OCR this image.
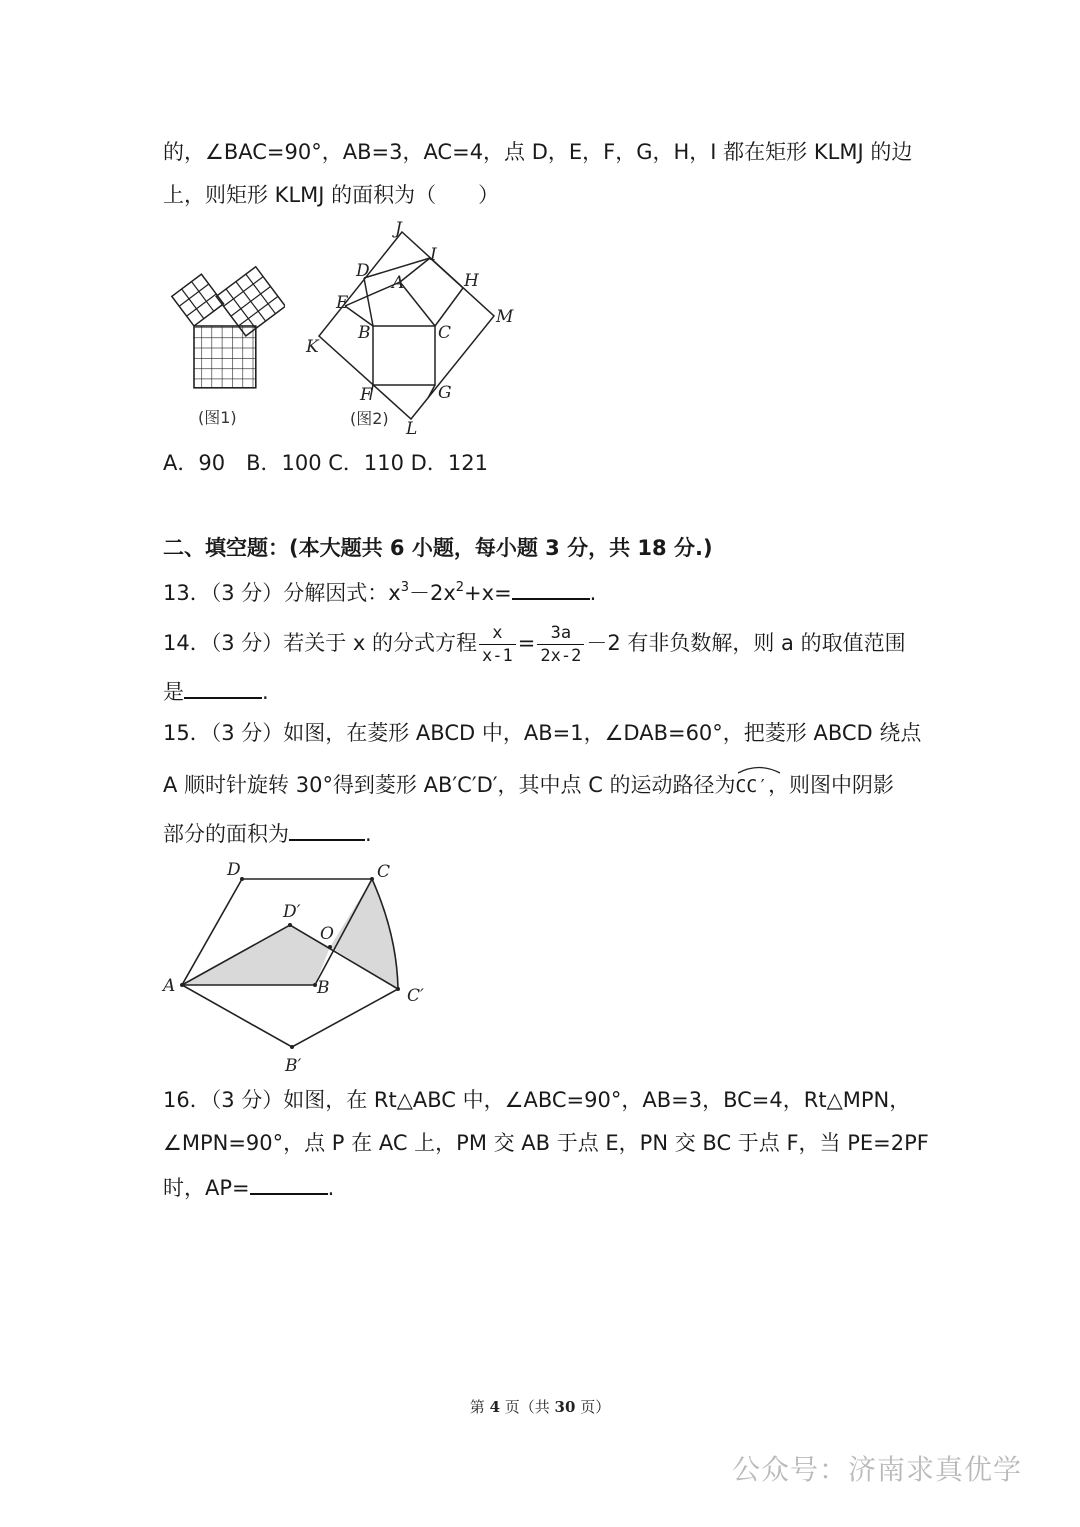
的，∠BAC=90°，AB=3，AC=4，点 D，E，F，G，H，I 都在矩形 KLMJ 的边
上，则矩形 KLMJ 的面积为（　　）
(图1)
J
I
D
A	H
E
M
B	C
K
F	G
L
(图2)
A．90　B．100 C．110 D．121
二、填空题：(本大题共 6 小题，每小题 3 分，共 18 分.)
13．（3 分）分解因式：$x^3-2x^2+x=$	.
14．（3 分）若关于 x 的分式方程 $\frac{x}{x-1} = \frac{3a}{2x-2} -2$ 有非负数解，则 a 的取值范围
是	.
15．（3 分）如图，在菱形 ABCD 中，AB=1，∠DAB=60°，把菱形 ABCD 绕点
A 顺时针旋转 30°得到菱形 AB′C′D′，其中点 C 的运动路径为
CC′，则图中阴影
部分的面积为	.
D	C
D′
O
A	B	C′
B′
16．（3 分）如图，在 Rt△ABC 中，∠ABC=90°，AB=3，BC=4，Rt△MPN，
∠MPN=90°，点 P 在 AC 上，PM 交 AB 于点 E，PN 交 BC 于点 F，当 PE=2PF
时，AP=	.
第 4 页（共 30 页）
公众号：济南求真优学
